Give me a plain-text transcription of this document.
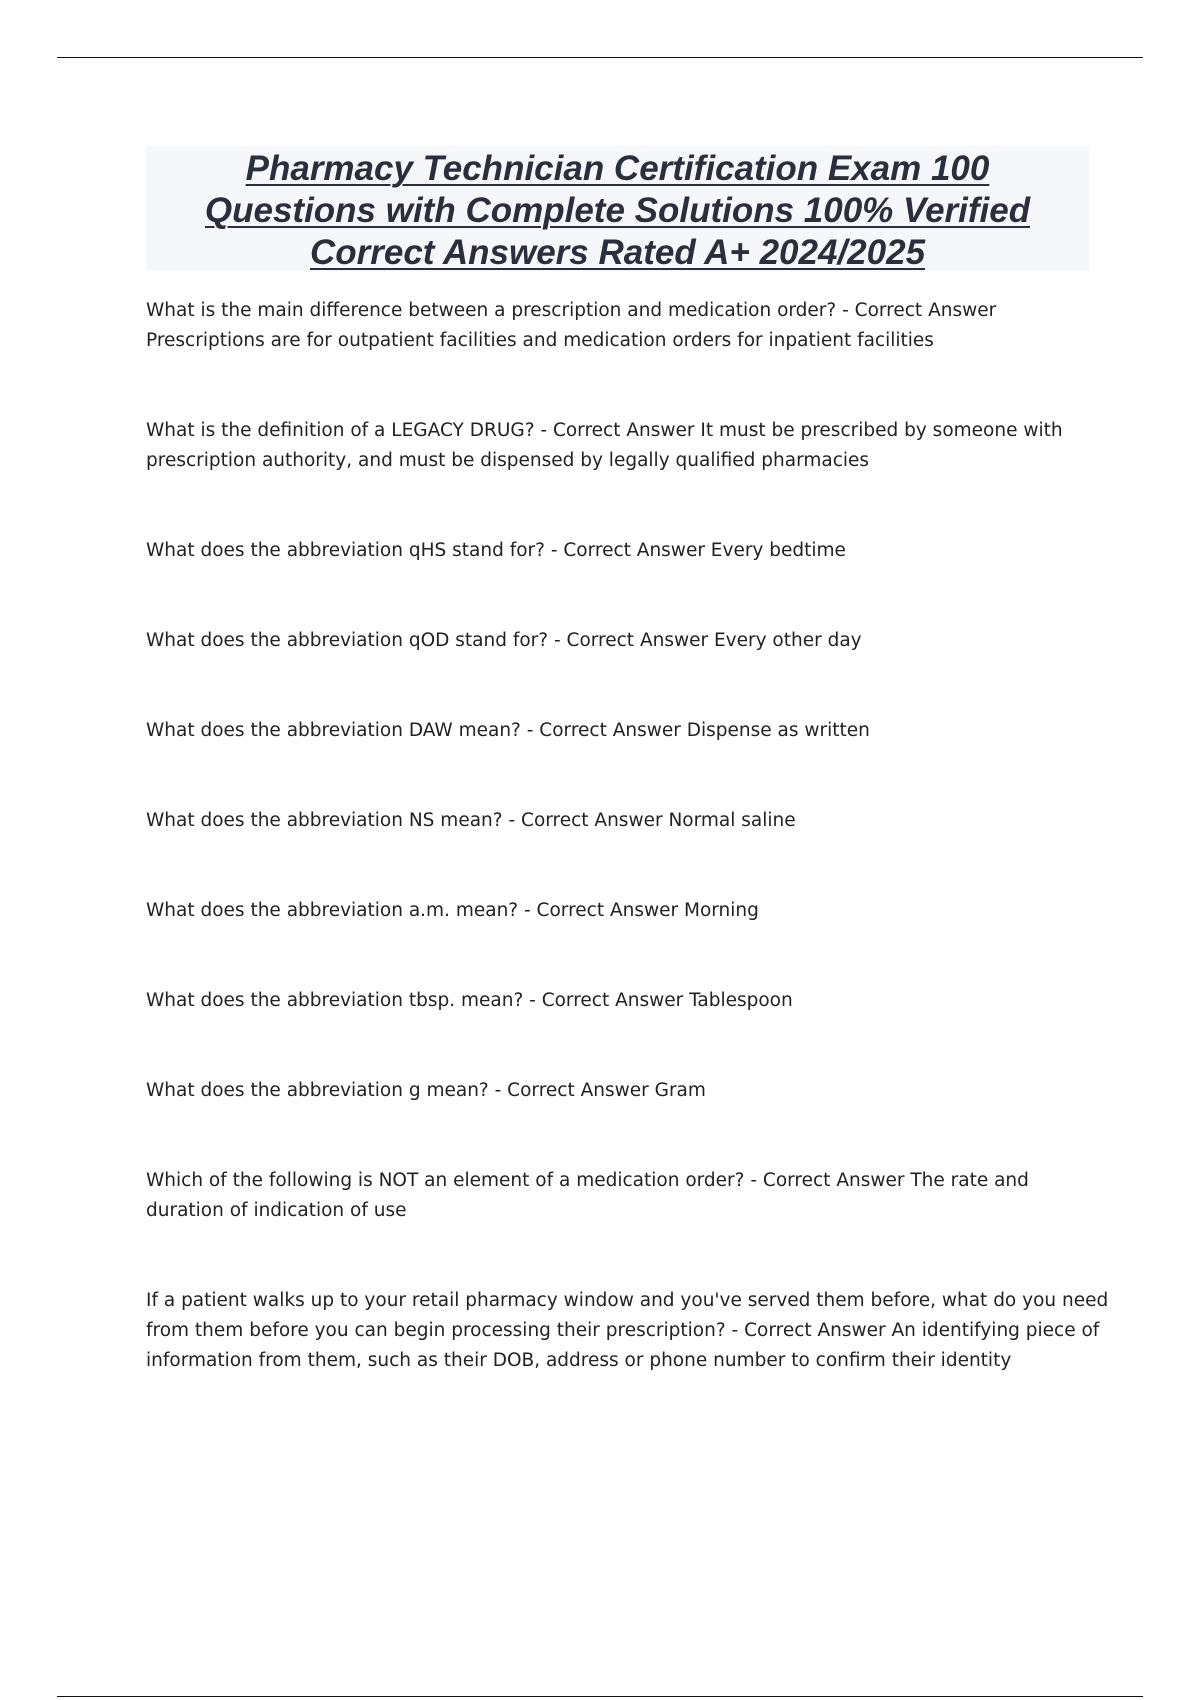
Pharmacy Technician Certification Exam 100
Questions with Complete Solutions 100% Verified
Correct Answers Rated A+ 2024/2025
What is the main difference between a prescription and medication order? - Correct Answer
Prescriptions are for outpatient facilities and medication orders for inpatient facilities
What is the definition of a LEGACY DRUG? - Correct Answer It must be prescribed by someone with
prescription authority, and must be dispensed by legally qualified pharmacies
What does the abbreviation qHS stand for? - Correct Answer Every bedtime
What does the abbreviation qOD stand for? - Correct Answer Every other day
What does the abbreviation DAW mean? - Correct Answer Dispense as written
What does the abbreviation NS mean? - Correct Answer Normal saline
What does the abbreviation a.m. mean? - Correct Answer Morning
What does the abbreviation tbsp. mean? - Correct Answer Tablespoon
What does the abbreviation g mean? - Correct Answer Gram
Which of the following is NOT an element of a medication order? - Correct Answer The rate and
duration of indication of use
If a patient walks up to your retail pharmacy window and you've served them before, what do you need
from them before you can begin processing their prescription? - Correct Answer An identifying piece of
information from them, such as their DOB, address or phone number to confirm their identity
